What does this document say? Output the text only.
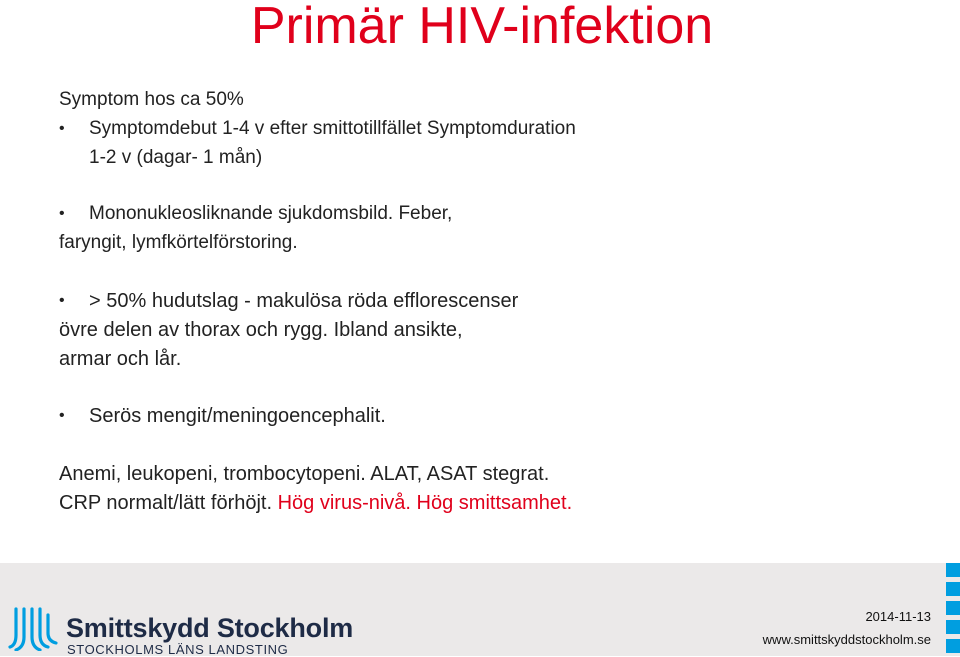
Primär HIV-infektion
Symptom hos ca 50%
• Symptomdebut 1-4 v efter smittotillfället Symptomduration
1-2 v (dagar- 1 mån)
• Mononukleosliknande sjukdomsbild. Feber,
faryngit, lymfkörtelförstoring.
• > 50% hudutslag - makulösa röda efflorescenser
övre delen av thorax och rygg. Ibland ansikte,
armar och lår.
• Serös mengit/meningoencephalit.
Anemi, leukopeni, trombocytopeni. ALAT, ASAT stegrat.
CRP normalt/lätt förhöjt. Hög virus-nivå. Hög smittsamhet.
Smittskydd Stockholm
STOCKHOLMS LÄNS LANDSTING
2014-11-13
www.smittskyddstockholm.se
